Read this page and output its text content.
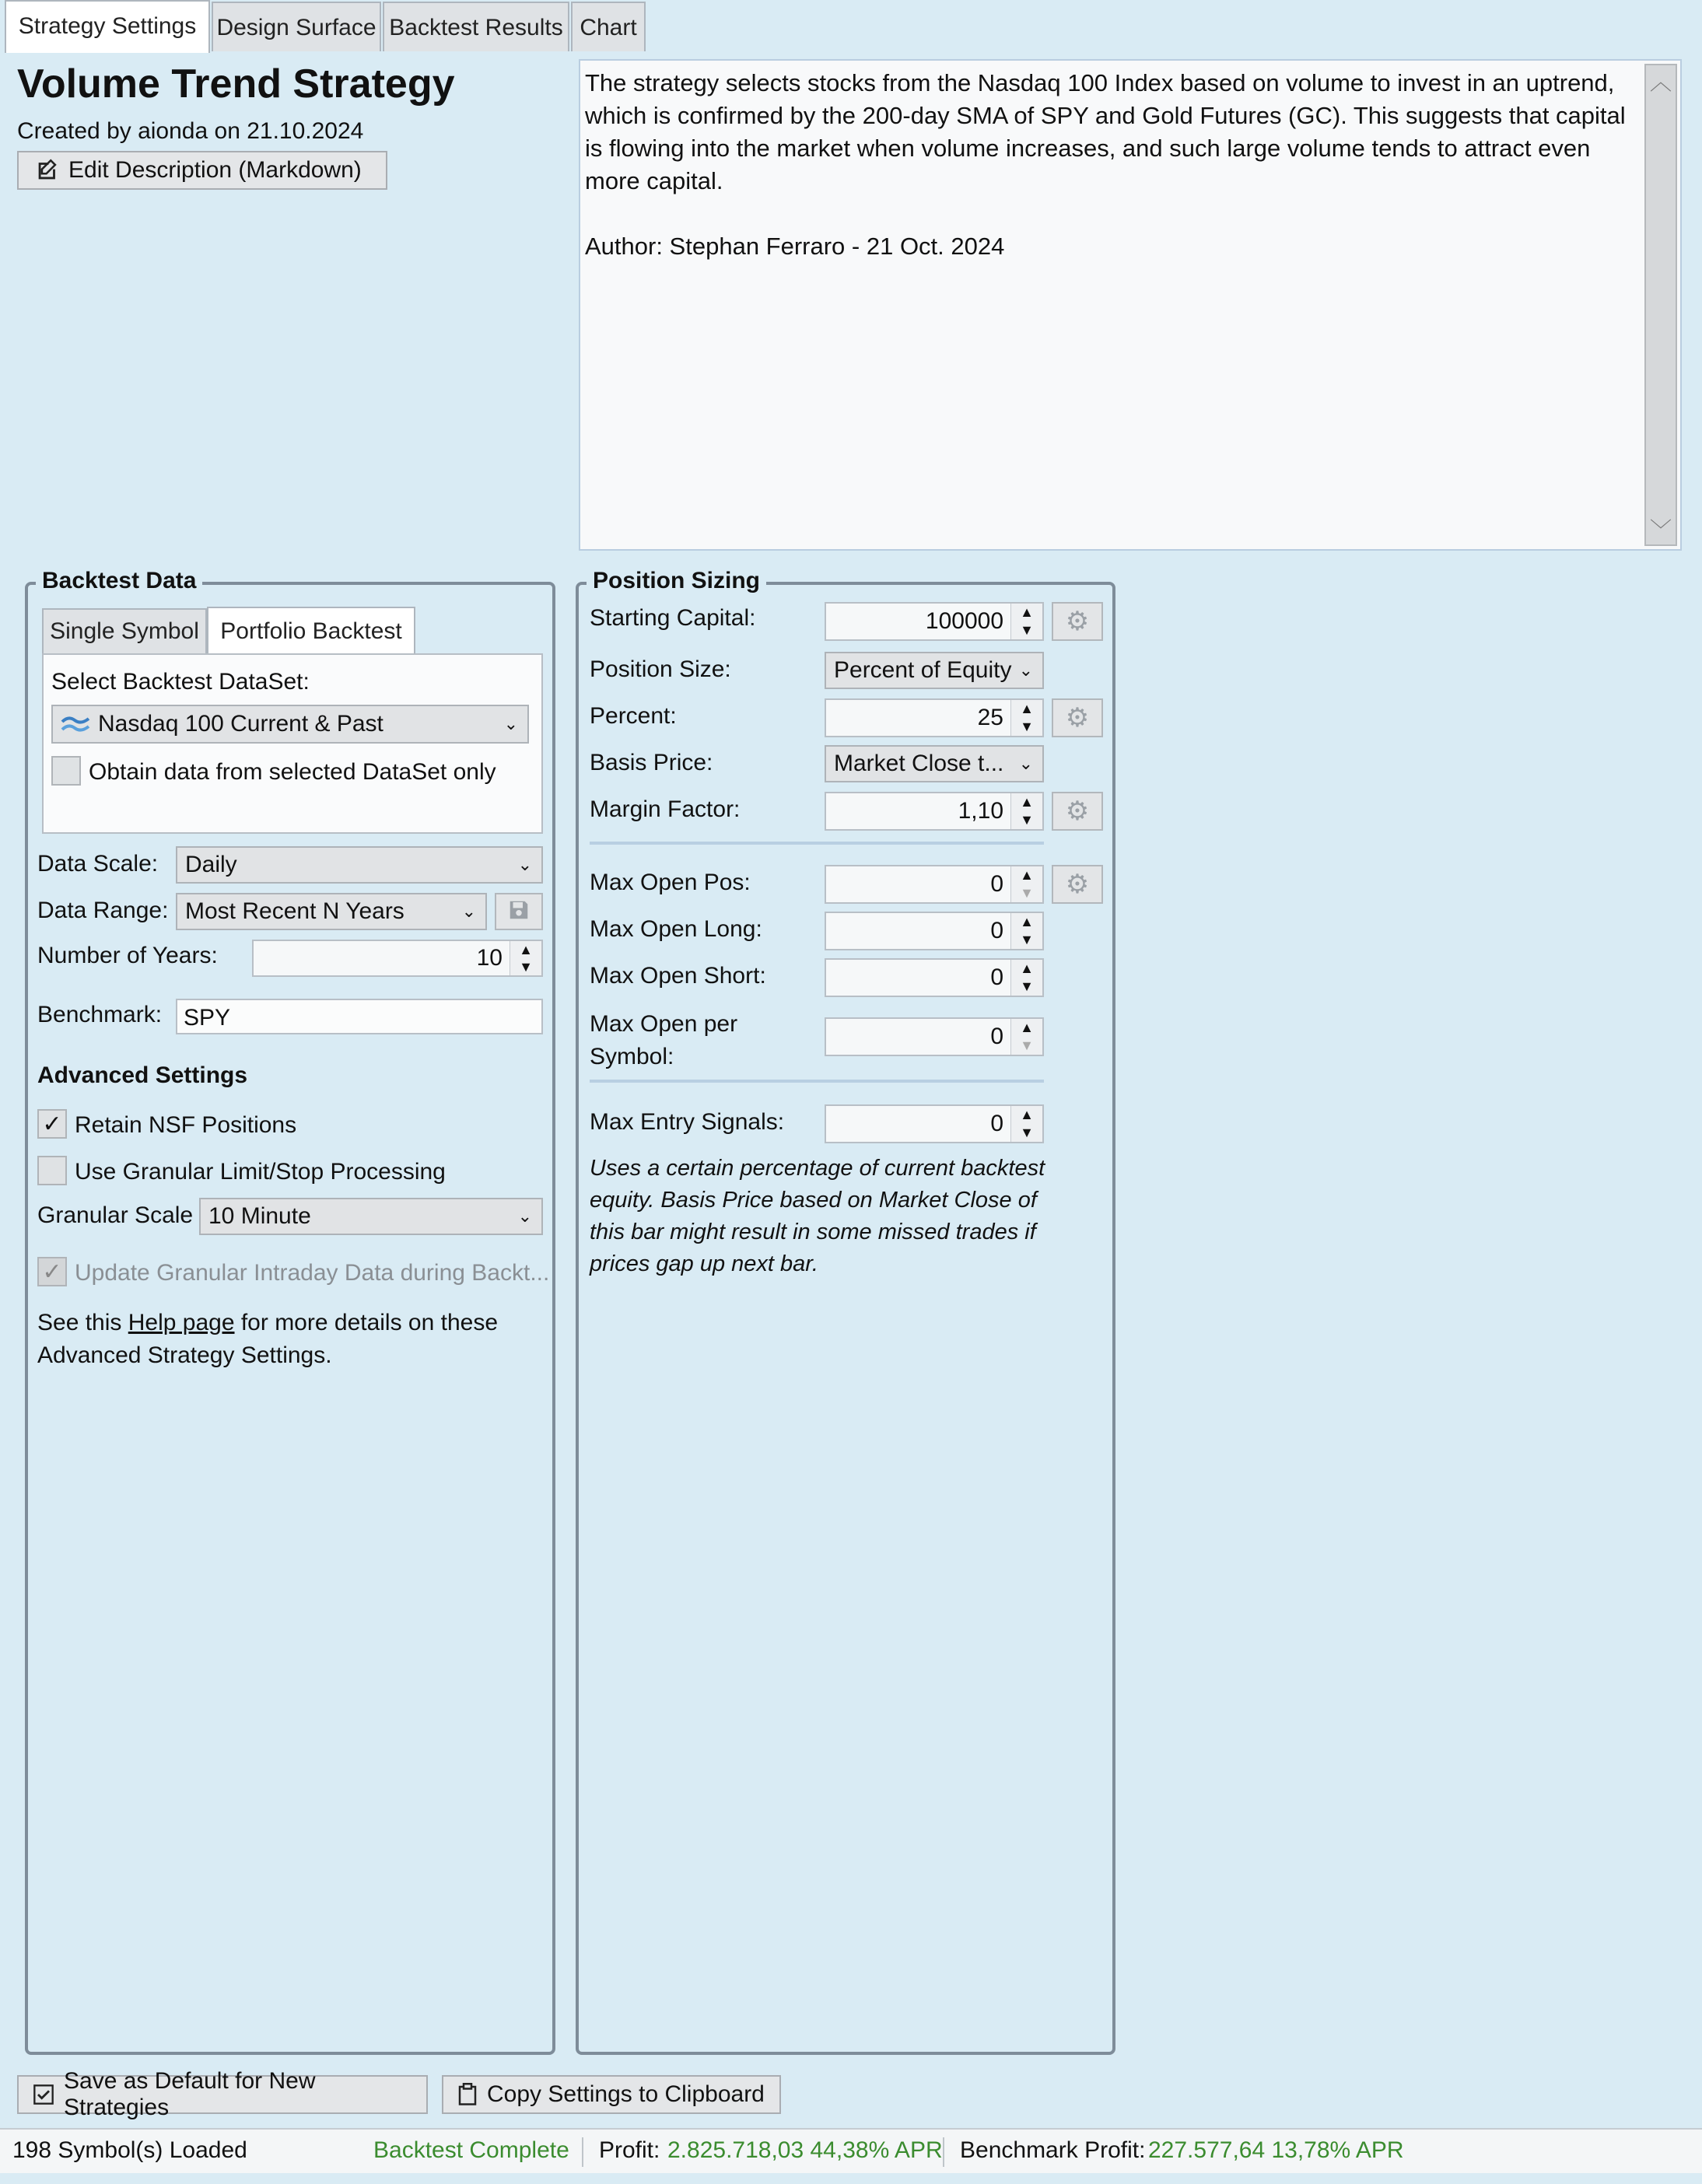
Strategy Settings Design Surface Backtest Results Chart
Volume Trend Strategy
Created by aionda on 21.10.2024
Edit Description (Markdown)
The strategy selects stocks from the Nasdaq 100 Index based on volume to invest in an uptrend, which is confirmed by the 200-day SMA of SPY and Gold Futures (GC). This suggests that capital is flowing into the market when volume increases, and such large volume tends to attract even more capital.

Author: Stephan Ferraro - 21 Oct. 2024
︿
﹀
Backtest Data
Single Symbol Portfolio Backtest
Select Backtest DataSet:
Nasdaq 100 Current & Past	⌄
Obtain data from selected DataSet only
Data Scale: Daily	⌄
Data Range: Most Recent N Years	⌄
Number of Years:	10	▲
▼
Benchmark: SPY
Advanced Settings
✓ Retain NSF Positions
Use Granular Limit/Stop Processing
Granular Scale 10 Minute	⌄
✓ Update Granular Intraday Data during Backt...
See this Help page for more details on these
Advanced Strategy Settings.
Position Sizing
Starting Capital:	100000	▲
▼	⚙
Position Size:	Percent of Equity ⌄
Percent:	25	▲
▼	⚙
Basis Price:	Market Close t... ⌄
Margin Factor:	1,10	▲
▼	⚙
Max Open Pos:	0	▲
▼	⚙
Max Open Long:	0	▲
▼
Max Open Short:	0	▲
▼
Max Open per
Symbol:
0	▲
▼
Max Entry Signals:	0	▲
▼
Uses a certain percentage of current backtest equity. Basis Price based on Market Close of this bar might result in some missed trades if prices gap up next bar.
Save as Default for New Strategies
Copy Settings to Clipboard
198 Symbol(s) Loaded	Backtest Complete Profit: 2.825.718,03 44,38% APR Benchmark Profit: 227.577,64 13,78% APR
